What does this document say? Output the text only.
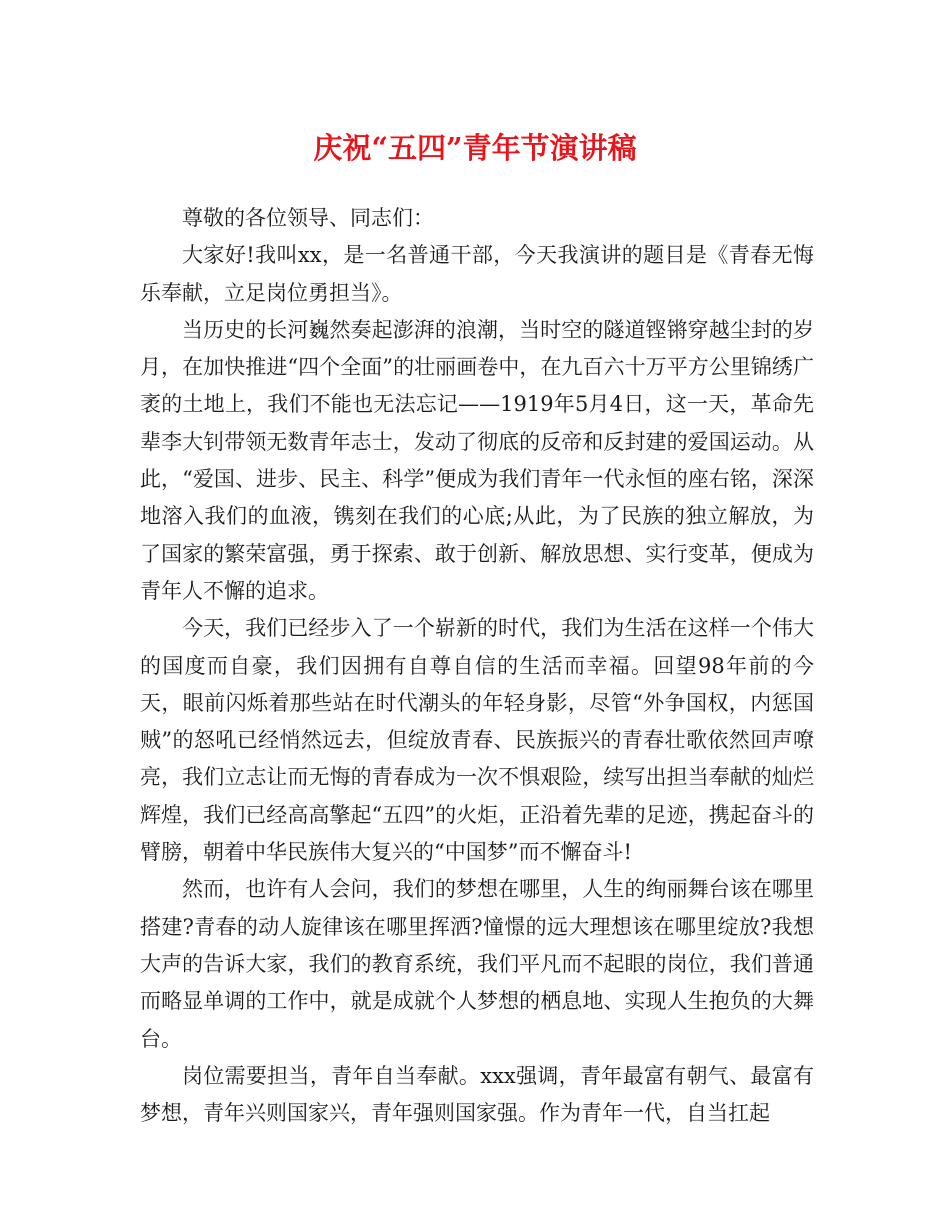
庆祝“五四”青年节演讲稿

尊敬的各位领导、同志们：

大家好!我叫xx，是一名普通干部，今天我演讲的题目是《青春无悔乐奉献，立足岗位勇担当》。

当历史的长河巍然奏起澎湃的浪潮，当时空的隧道铿锵穿越尘封的岁月，在加快推进“四个全面”的壮丽画卷中，在九百六十万平方公里锦绣广袤的土地上，我们不能也无法忘记——1919年5月4日，这一天，革命先辈李大钊带领无数青年志士，发动了彻底的反帝和反封建的爱国运动。从此，“爱国、进步、民主、科学”便成为我们青年一代永恒的座右铭，深深地溶入我们的血液，镌刻在我们的心底;从此，为了民族的独立解放，为了国家的繁荣富强，勇于探索、敢于创新、解放思想、实行变革，便成为青年人不懈的追求。

今天，我们已经步入了一个崭新的时代，我们为生活在这样一个伟大的国度而自豪，我们因拥有自尊自信的生活而幸福。回望98年前的今天，眼前闪烁着那些站在时代潮头的年轻身影，尽管“外争国权，内惩国贼”的怒吼已经悄然远去，但绽放青春、民族振兴的青春壮歌依然回声嘹亮，我们立志让而无悔的青春成为一次不惧艰险，续写出担当奉献的灿烂辉煌，我们已经高高擎起“五四”的火炬，正沿着先辈的足迹，携起奋斗的臂膀，朝着中华民族伟大复兴的“中国梦”而不懈奋斗!

然而，也许有人会问，我们的梦想在哪里，人生的绚丽舞台该在哪里搭建?青春的动人旋律该在哪里挥洒?憧憬的远大理想该在哪里绽放?我想大声的告诉大家，我们的教育系统，我们平凡而不起眼的岗位，我们普通而略显单调的工作中，就是成就个人梦想的栖息地、实现人生抱负的大舞台。

岗位需要担当，青年自当奉献。xxx强调，青年最富有朝气、最富有梦想，青年兴则国家兴，青年强则国家强。作为青年一代，自当扛起
